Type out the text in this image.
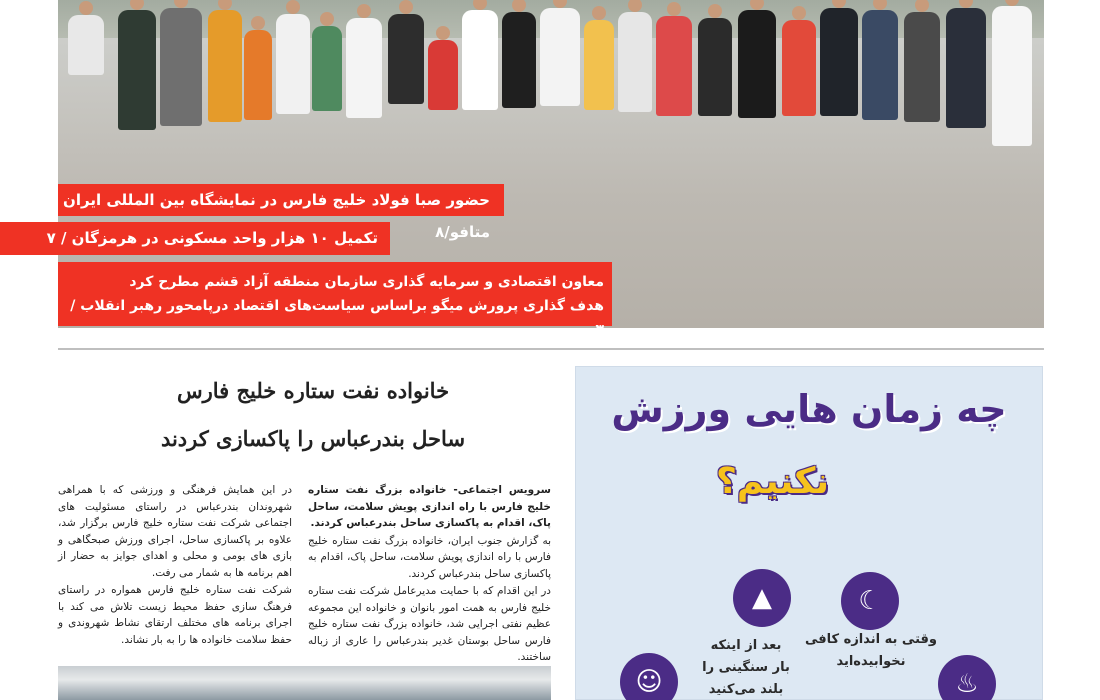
حضور صبا فولاد خلیج فارس در نمایشگاه بین المللی ایران متافو/۸
تکمیل ۱۰ هزار واحد مسکونی در هرمزگان / ۷
معاون اقتصادی و سرمایه گذاری سازمان منطقه آزاد قشم مطرح کرد
هدف گذاری پرورش میگو براساس سیاست‌های اقتصاد درپامحور رهبر انقلاب / ۳
خانواده نفت ستاره خلیج فارس
ساحل بندرعباس را پاکسازی کردند

سرویس اجتماعی- خانواده بزرگ نفت ستاره خلیج فارس با راه اندازی پویش سلامت، ساحل پاک، اقدام به پاکسازی ساحل بندرعباس کردند.

به گزارش جنوب ایران، خانواده بزرگ نفت ستاره خلیج فارس با راه اندازی پویش سلامت، ساحل پاک، اقدام به پاکسازی ساحل بندرعباس کردند.

در این اقدام که با حمایت مدیرعامل شرکت نفت ستاره خلیج فارس به همت امور بانوان و خانواده این مجموعه عظیم نفتی اجرایی شد، خانواده بزرگ نفت ستاره خلیج فارس ساحل بوستان غدیر بندرعباس را عاری از زباله ساختند.

در این همایش فرهنگی و ورزشی که با همراهی شهروندان بندرعباس در راستای مسئولیت های اجتماعی شرکت نفت ستاره خلیج فارس برگزار شد، علاوه بر پاکسازی ساحل، اجرای ورزش صبحگاهی و بازی های بومی و محلی و اهدای جوایز به حضار از اهم برنامه ها به شمار می رفت.

شرکت نفت ستاره خلیج فارس همواره در راستای فرهنگ سازی حفظ محیط زیست تلاش می کند با اجرای برنامه های مختلف ارتقای نشاط شهروندی و حفظ سلامت خانواده ها را به بار نشاند.

چه زمان هایی ورزش
نکنیم؟
☾
▲
☺	♨
وقتی به اندازه کافی نخوابیده‌اید
بعد از اینکه بار سنگینی را بلند می‌کنید
